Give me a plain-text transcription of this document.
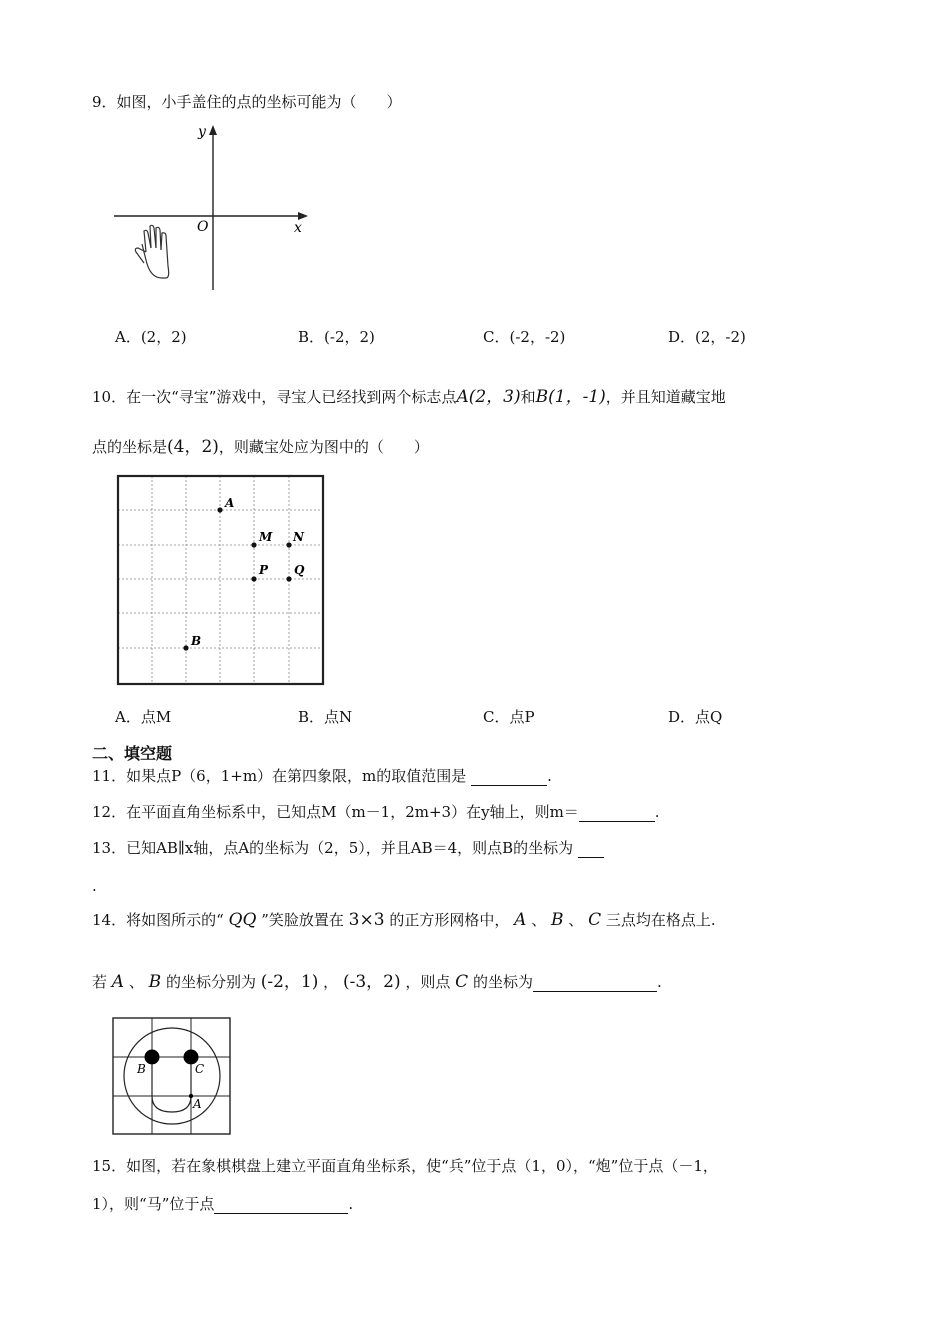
9．如图，小手盖住的点的坐标可能为（　　）
y
x
O
A．(2，2)	B．(-2，2)	C．(-2，-2)	D．(2，-2)
10．在一次“寻宝”游戏中，寻宝人已经找到两个标志点A(2，3)和B(1，-1)，并且知道藏宝地
点的坐标是(4，2)，则藏宝处应为图中的（　　）
A
M N
P Q
B
A．点M	B．点N	C．点P	D．点Q
二、填空题
11．如果点P（6，1+m）在第四象限，m的取值范围是	.
12．在平面直角坐标系中，已知点M（m－1，2m+3）在y轴上，则m＝	.
13．已知AB∥x轴，点A的坐标为（2，5），并且AB＝4，则点B的坐标为
.
14．将如图所示的“ QQ ”笑脸放置在 3×3 的正方形网格中， A 、 B 、 C 三点均在格点上.
若 A 、 B 的坐标分别为 (-2，1) ， (-3，2) ，则点 C 的坐标为	.
B	C
A
15．如图，若在象棋棋盘上建立平面直角坐标系，使“兵”位于点（1，0），“炮”位于点（－1，
1），则“马”位于点	.
